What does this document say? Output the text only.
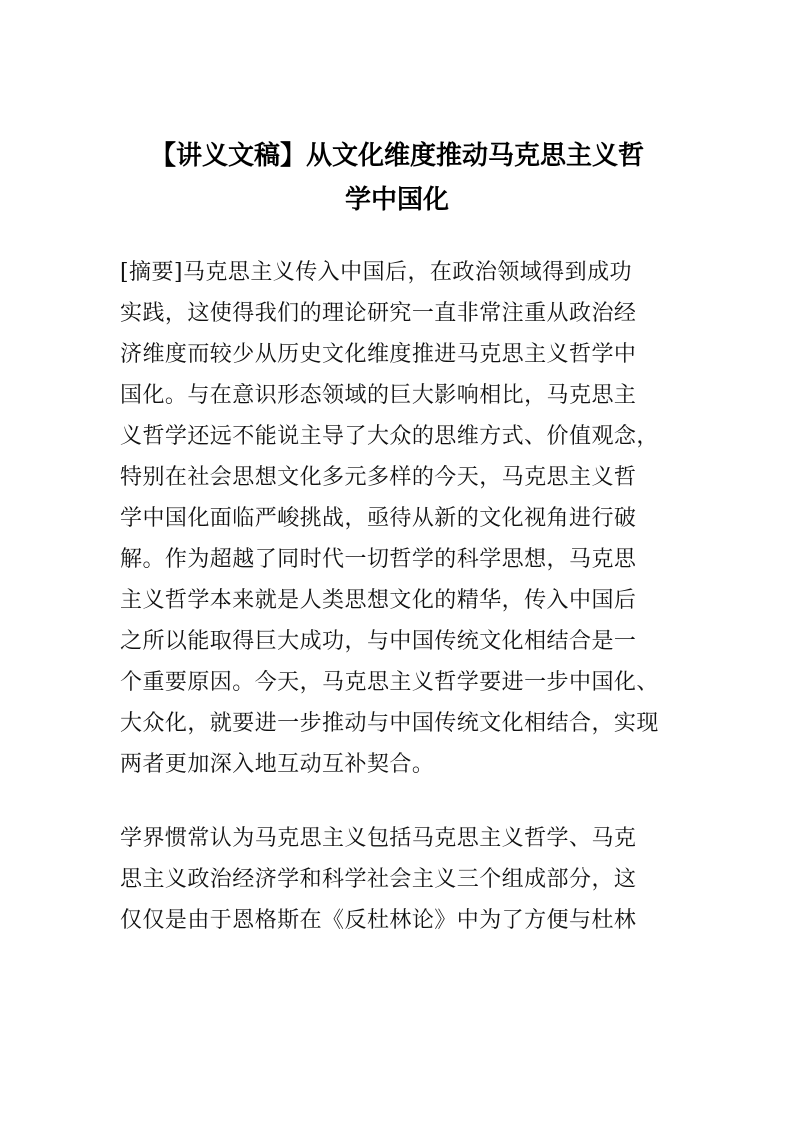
【讲义文稿】从文化维度推动马克思主义哲
学中国化
[摘要]马克思主义传入中国后，在政治领域得到成功
实践，这使得我们的理论研究一直非常注重从政治经
济维度而较少从历史文化维度推进马克思主义哲学中
国化。与在意识形态领域的巨大影响相比，马克思主
义哲学还远不能说主导了大众的思维方式、价值观念，
特别在社会思想文化多元多样的今天，马克思主义哲
学中国化面临严峻挑战，亟待从新的文化视角进行破
解。作为超越了同时代一切哲学的科学思想，马克思
主义哲学本来就是人类思想文化的精华，传入中国后
之所以能取得巨大成功，与中国传统文化相结合是一
个重要原因。今天，马克思主义哲学要进一步中国化、
大众化，就要进一步推动与中国传统文化相结合，实现
两者更加深入地互动互补契合。
学界惯常认为马克思主义包括马克思主义哲学、马克
思主义政治经济学和科学社会主义三个组成部分，这
仅仅是由于恩格斯在《反杜林论》中为了方便与杜林
